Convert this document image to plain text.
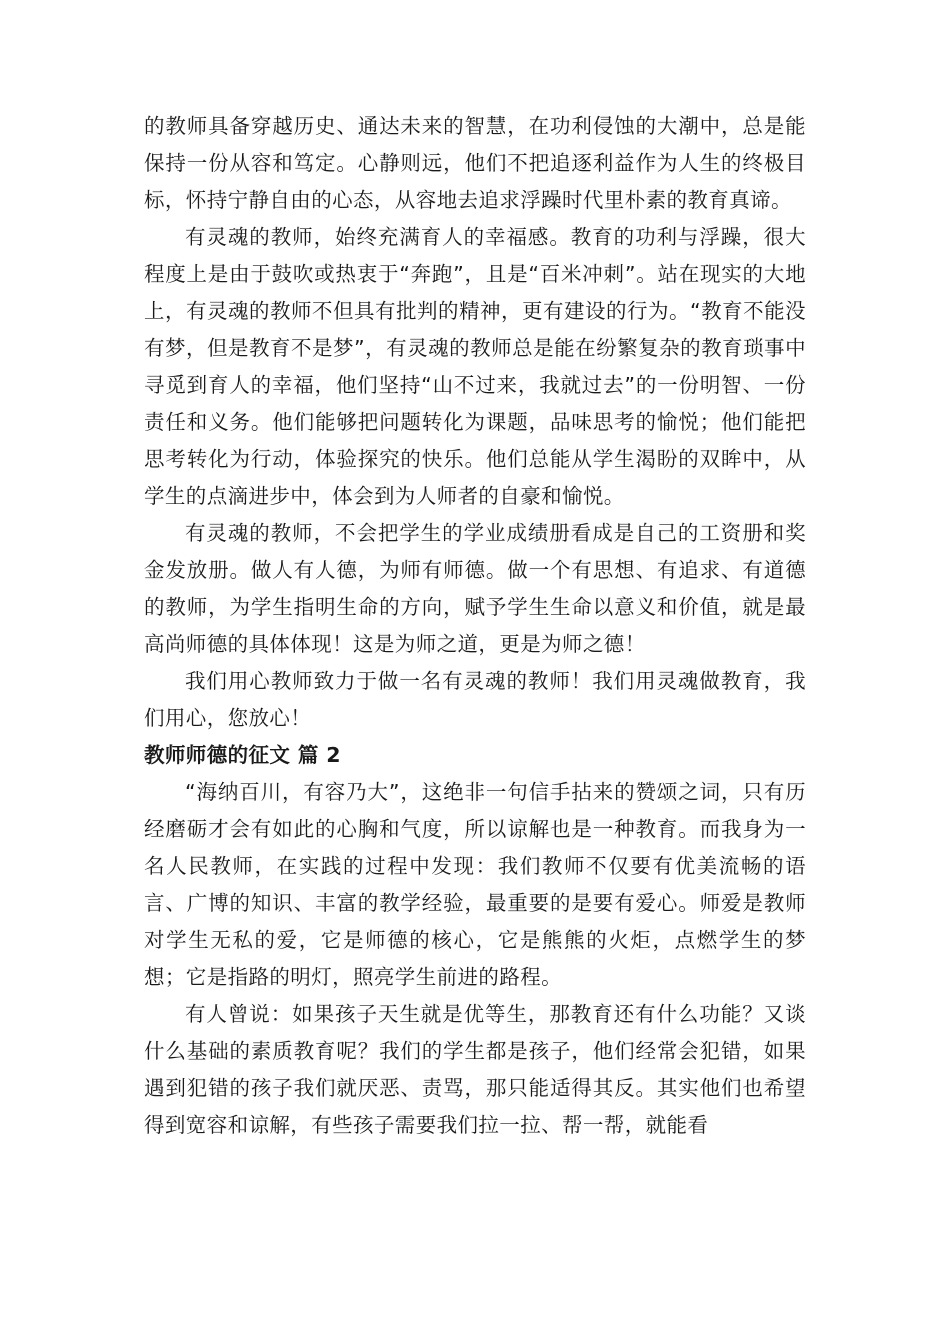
的教师具备穿越历史、通达未来的智慧，在功利侵蚀的大潮中，总是能保持一份从容和笃定。心静则远，他们不把追逐利益作为人生的终极目标，怀持宁静自由的心态，从容地去追求浮躁时代里朴素的教育真谛。

有灵魂的教师，始终充满育人的幸福感。教育的功利与浮躁，很大程度上是由于鼓吹或热衷于“奔跑”，且是“百米冲刺”。站在现实的大地上，有灵魂的教师不但具有批判的精神，更有建设的行为。“教育不能没有梦，但是教育不是梦”，有灵魂的教师总是能在纷繁复杂的教育琐事中寻觅到育人的幸福，他们坚持“山不过来，我就过去”的一份明智、一份责任和义务。他们能够把问题转化为课题，品味思考的愉悦；他们能把思考转化为行动，体验探究的快乐。他们总能从学生渴盼的双眸中，从学生的点滴进步中，体会到为人师者的自豪和愉悦。

有灵魂的教师，不会把学生的学业成绩册看成是自己的工资册和奖金发放册。做人有人德，为师有师德。做一个有思想、有追求、有道德的教师，为学生指明生命的方向，赋予学生生命以意义和价值，就是最高尚师德的具体体现！这是为师之道，更是为师之德！

我们用心教师致力于做一名有灵魂的教师！我们用灵魂做教育，我们用心，您放心！

教师师德的征文 篇 2

“海纳百川，有容乃大”，这绝非一句信手拈来的赞颂之词，只有历经磨砺才会有如此的心胸和气度，所以谅解也是一种教育。而我身为一名人民教师，在实践的过程中发现：我们教师不仅要有优美流畅的语言、广博的知识、丰富的教学经验，最重要的是要有爱心。师爱是教师对学生无私的爱，它是师德的核心，它是熊熊的火炬，点燃学生的梦想；它是指路的明灯，照亮学生前进的路程。

有人曾说：如果孩子天生就是优等生，那教育还有什么功能？又谈什么基础的素质教育呢？我们的学生都是孩子，他们经常会犯错，如果遇到犯错的孩子我们就厌恶、责骂，那只能适得其反。其实他们也希望得到宽容和谅解，有些孩子需要我们拉一拉、帮一帮，就能看
